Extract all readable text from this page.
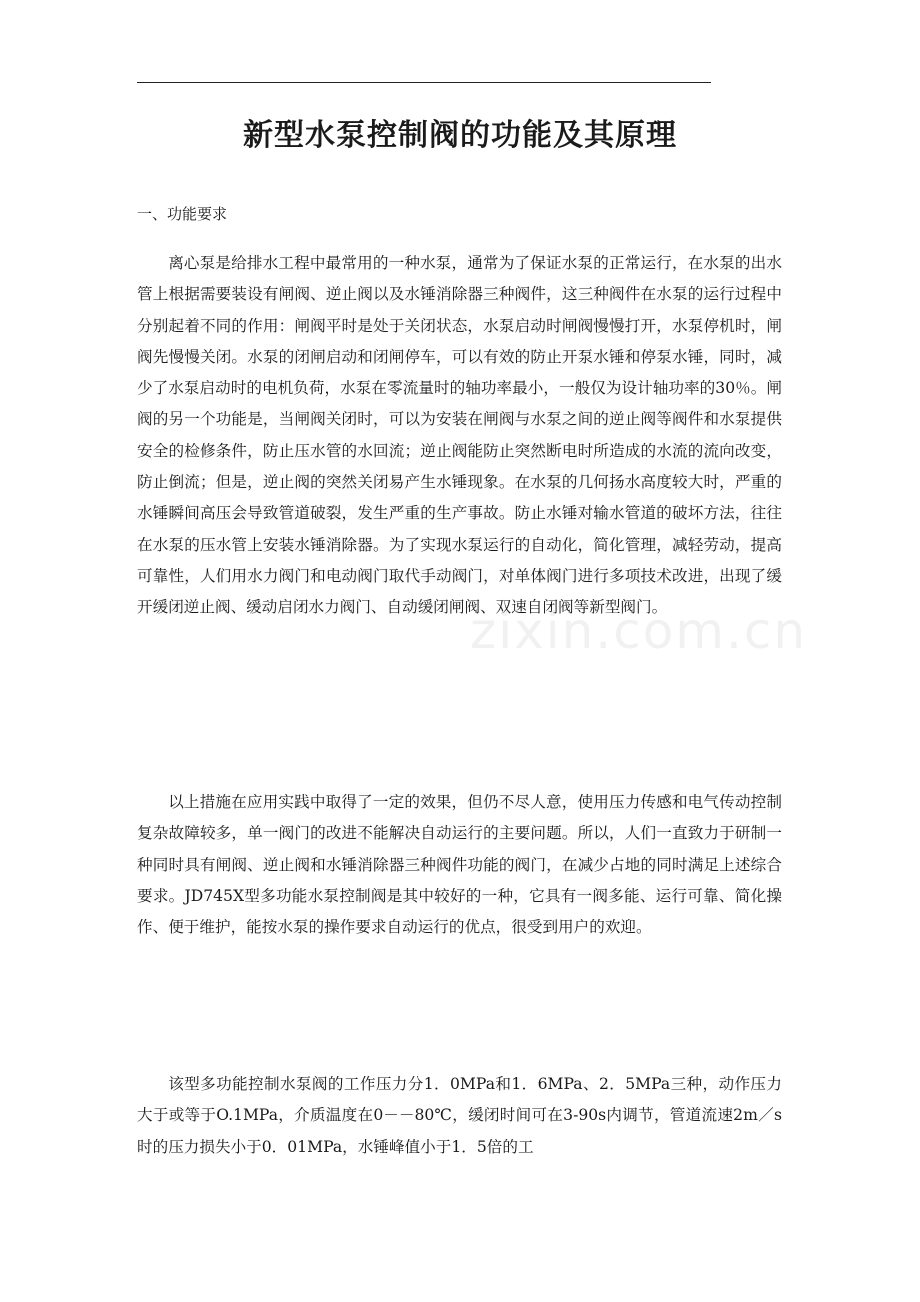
新型水泵控制阀的功能及其原理

一、功能要求

离心泵是给排水工程中最常用的一种水泵，通常为了保证水泵的正常运行，在水泵的出水管上根据需要装设有闸阀、逆止阀以及水锤消除器三种阀件，这三种阀件在水泵的运行过程中分别起着不同的作用：闸阀平时是处于关闭状态，水泵启动时闸阀慢慢打开，水泵停机时，闸阀先慢慢关闭。水泵的闭闸启动和闭闸停车，可以有效的防止开泵水锤和停泵水锤，同时，减少了水泵启动时的电机负荷，水泵在零流量时的轴功率最小，一般仅为设计轴功率的30％。闸阀的另一个功能是，当闸阀关闭时，可以为安装在闸阀与水泵之间的逆止阀等阀件和水泵提供安全的检修条件，防止压水管的水回流；逆止阀能防止突然断电时所造成的水流的流向改变，防止倒流；但是，逆止阀的突然关闭易产生水锤现象。在水泵的几何扬水高度较大时，严重的水锤瞬间高压会导致管道破裂，发生严重的生产事故。防止水锤对输水管道的破坏方法，往往在水泵的压水管上安装水锤消除器。为了实现水泵运行的自动化，简化管理，减轻劳动，提高可靠性，人们用水力阀门和电动阀门取代手动阀门，对单体阀门进行多项技术改进，出现了缓开缓闭逆止阀、缓动启闭水力阀门、自动缓闭闸阀、双速自闭阀等新型阀门。

以上措施在应用实践中取得了一定的效果，但仍不尽人意，使用压力传感和电气传动控制复杂故障较多，单一阀门的改进不能解决自动运行的主要问题。所以，人们一直致力于研制一种同时具有闸阀、逆止阀和水锤消除器三种阀件功能的阀门，在减少占地的同时满足上述综合要求。JD745X型多功能水泵控制阀是其中较好的一种，它具有一阀多能、运行可靠、简化操作、便于维护，能按水泵的操作要求自动运行的优点，很受到用户的欢迎。

该型多功能控制水泵阀的工作压力分1．0MPa和1．6MPa、2．5MPa三种，动作压力大于或等于O.1MPa，介质温度在0－－80℃，缓闭时间可在3-90s内调节，管道流速2m／s时的压力损失小于0．01MPa，水锤峰值小于1．5倍的工

zixin.com.cn
